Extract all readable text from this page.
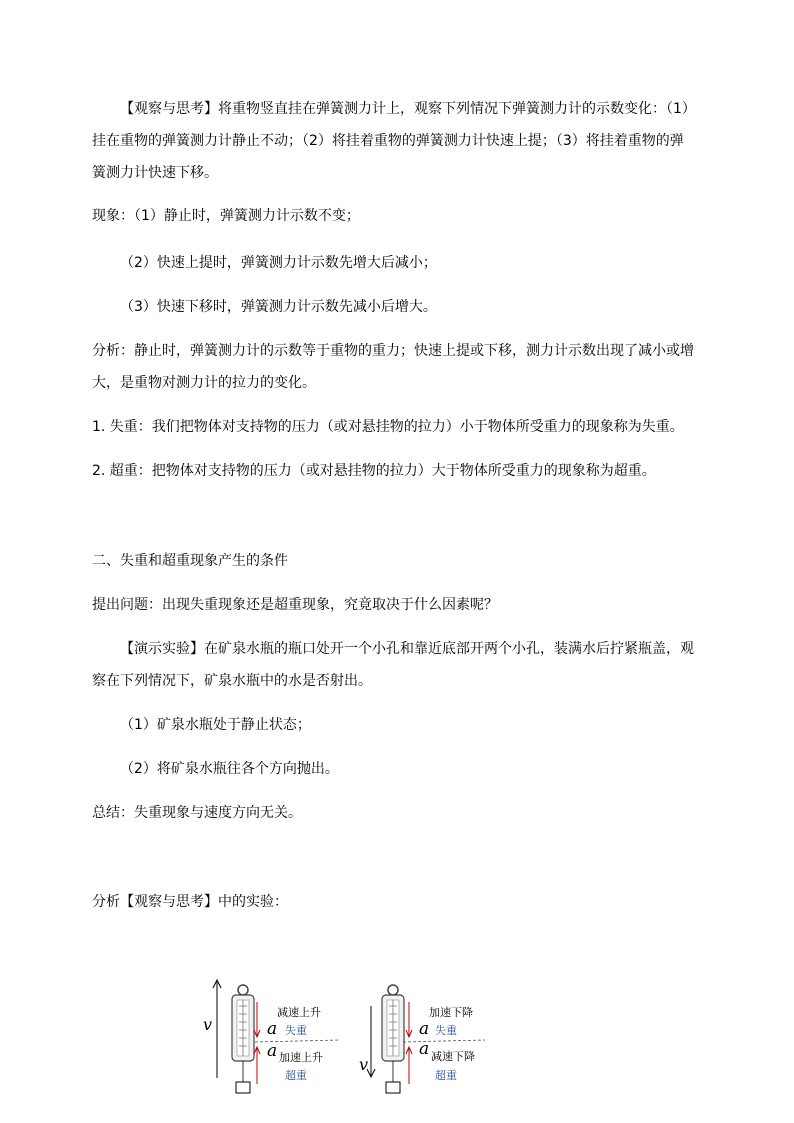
【观察与思考】将重物竖直挂在弹簧测力计上，观察下列情况下弹簧测力计的示数变化：（1）
挂在重物的弹簧测力计静止不动；（2）将挂着重物的弹簧测力计快速上提；（3）将挂着重物的弹
簧测力计快速下移。
现象：（1）静止时，弹簧测力计示数不变；
（2）快速上提时，弹簧测力计示数先增大后减小；
（3）快速下移时，弹簧测力计示数先减小后增大。
分析：静止时，弹簧测力计的示数等于重物的重力；快速上提或下移，测力计示数出现了减小或增
大，是重物对测力计的拉力的变化。
1. 失重：我们把物体对支持物的压力（或对悬挂物的拉力）小于物体所受重力的现象称为失重。
2. 超重：把物体对支持物的压力（或对悬挂物的拉力）大于物体所受重力的现象称为超重。
二、失重和超重现象产生的条件
提出问题：出现失重现象还是超重现象，究竟取决于什么因素呢？
【演示实验】在矿泉水瓶的瓶口处开一个小孔和靠近底部开两个小孔，装满水后拧紧瓶盖，观
察在下列情况下，矿泉水瓶中的水是否射出。
（1）矿泉水瓶处于静止状态；
（2）将矿泉水瓶往各个方向抛出。
总结：失重现象与速度方向无关。
分析【观察与思考】中的实验：
v
减速上升
a 失重
a 加速上升
超重
v
加速下降
a 失重
a 减速下降
超重
